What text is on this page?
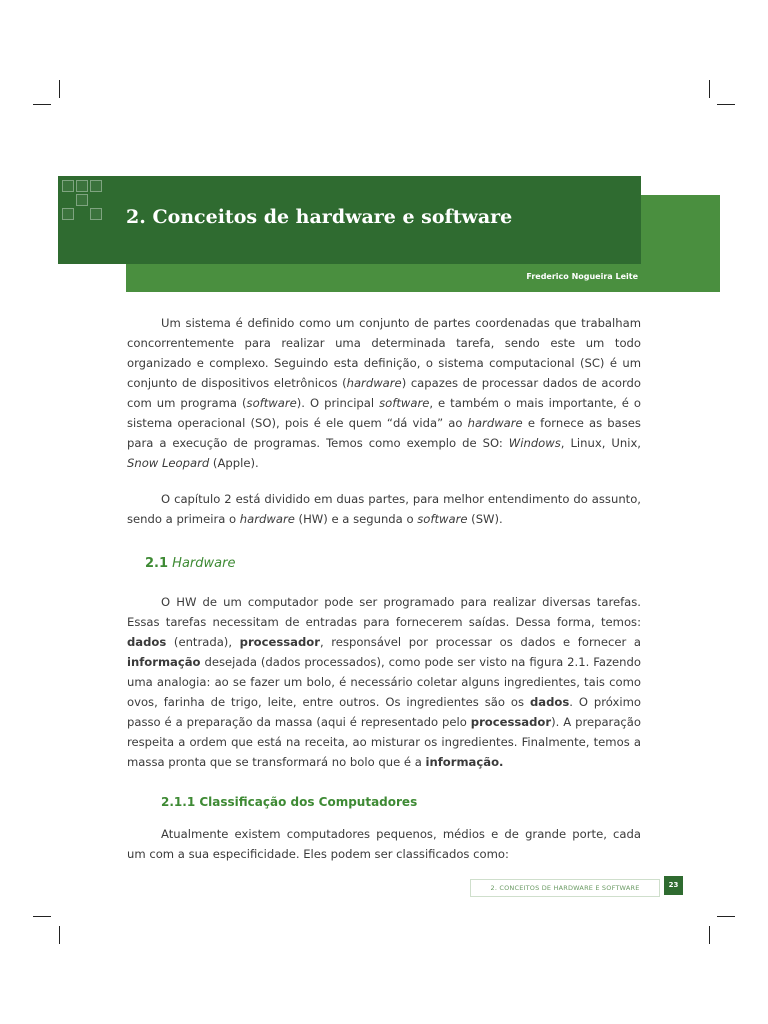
2. Conceitos de hardware e software
Frederico Nogueira Leite

Um sistema é definido como um conjunto de partes coordenadas que trabalham concorrentemente para realizar uma determinada tarefa, sendo este um todo organizado e complexo. Seguindo esta definição, o sistema computacional (SC) é um conjunto de dispositivos eletrônicos (hardware) capazes de processar dados de acordo com um programa (software). O principal software, e também o mais importante, é o sistema operacional (SO), pois é ele quem “dá vida” ao hardware e fornece as bases para a execução de programas. Temos como exemplo de SO: Windows, Linux, Unix, Snow Leopard (Apple).

O capítulo 2 está dividido em duas partes, para melhor entendimento do assunto, sendo a primeira o hardware (HW) e a segunda o software (SW).

2.1 Hardware

O HW de um computador pode ser programado para realizar diversas tarefas. Essas tarefas necessitam de entradas para fornecerem saídas. Dessa forma, temos: dados (entrada), processador, responsável por processar os dados e fornecer a informação desejada (dados processados), como pode ser visto na figura 2.1. Fazendo uma analogia: ao se fazer um bolo, é necessário coletar alguns ingredientes, tais como ovos, farinha de trigo, leite, entre outros. Os ingredientes são os dados. O próximo passo é a preparação da massa (aqui é representado pelo processador). A preparação respeita a ordem que está na receita, ao misturar os ingredientes. Finalmente, temos a massa pronta que se transformará no bolo que é a informação.

2.1.1 Classificação dos Computadores

Atualmente existem computadores pequenos, médios e de grande porte, cada um com a sua especificidade. Eles podem ser classificados como:

2. CONCEITOS DE HARDWARE E SOFTWARE	23
